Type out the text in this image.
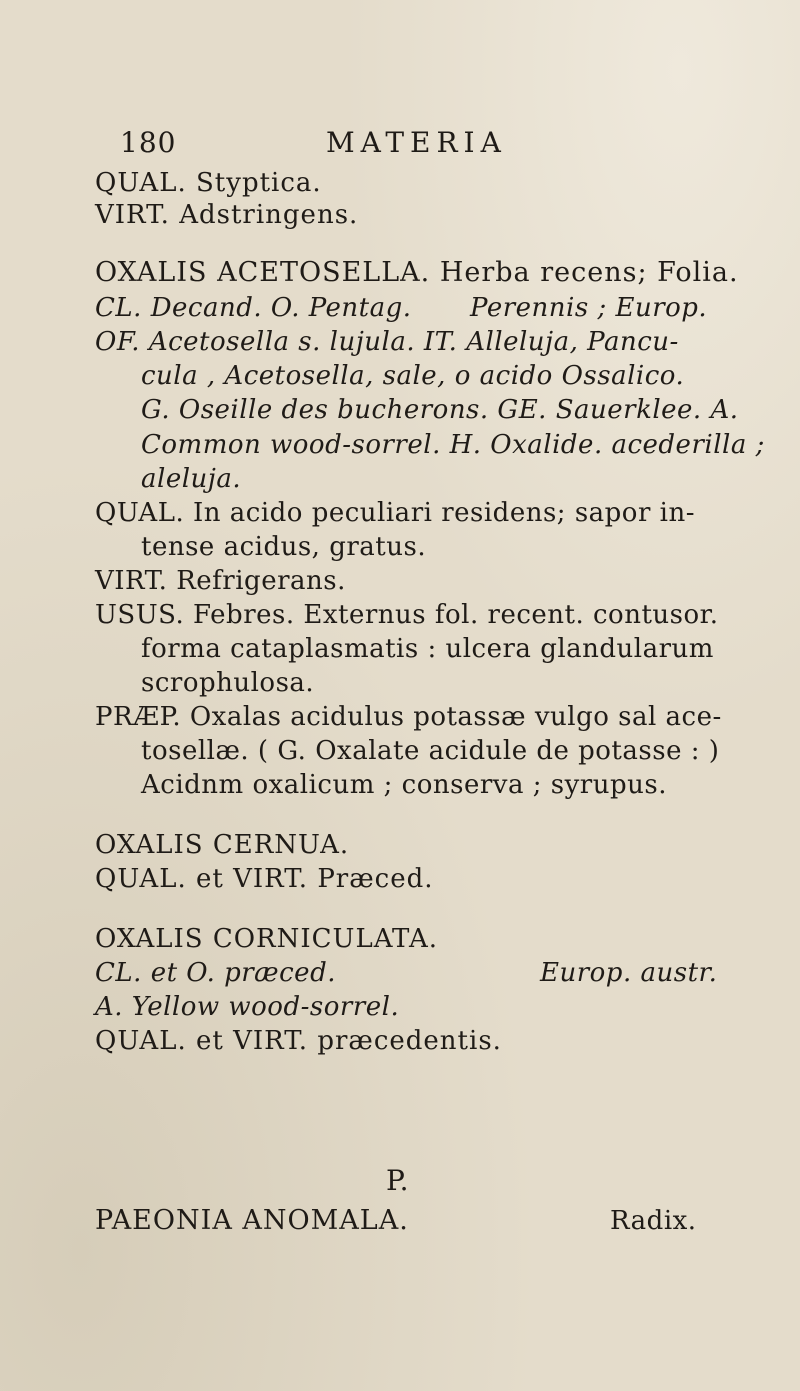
180	MATERIA
QUAL. Styptica.
VIRT. Adstringens.
OXALIS ACETOSELLA. Herba recens; Folia.
CL. Decand. O. Pentag. Perennis ; Europ.
OF. Acetosella s. lujula. IT. Alleluja, Pancu-
cula , Acetosella, sale, o acido Ossalico.
G. Oseille des bucherons. GE. Sauerklee. A.
Common wood-sorrel. H. Oxalide. acederilla ;
aleluja.
QUAL. In acido peculiari residens; sapor in-
tense acidus, gratus.
VIRT. Refrigerans.
USUS. Febres. Externus fol. recent. contusor.
forma cataplasmatis : ulcera glandularum
scrophulosa.
PRÆP. Oxalas acidulus potassæ vulgo sal ace-
tosellæ. ( G. Oxalate acidule de potasse : )
Acidnm oxalicum ; conserva ; syrupus.
OXALIS CERNUA.
QUAL. et VIRT. Præced.
OXALIS CORNICULATA.
CL. et O. præced.	Europ. austr.
A. Yellow wood-sorrel.
QUAL. et VIRT. præcedentis.
P.
PAEONIA ANOMALA.	Radix.
